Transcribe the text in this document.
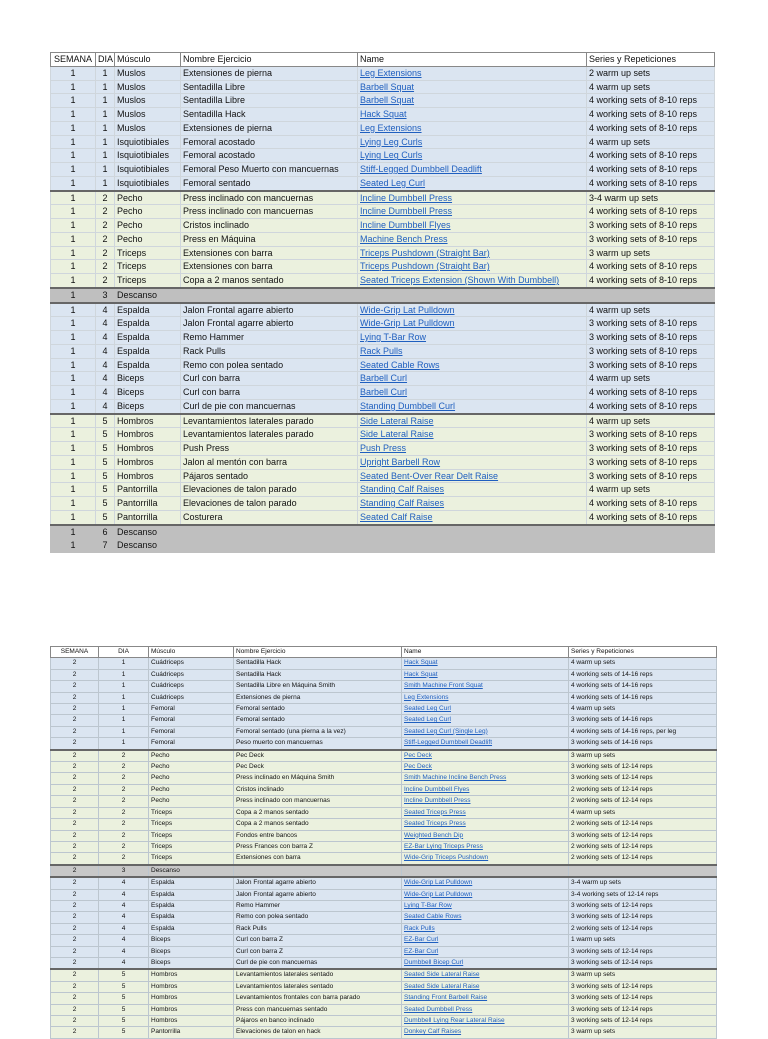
SEMANA	DIA	Músculo	Nombre Ejercicio	Name	Series y Repeticiones
1	1	Muslos	Extensiones de pierna	Leg Extensions	2 warm up sets
1	1	Muslos	Sentadilla Libre	Barbell Squat	4 warm up sets
1	1	Muslos	Sentadilla Libre	Barbell Squat	4 working sets of 8-10 reps
1	1	Muslos	Sentadilla Hack	Hack Squat	4 working sets of 8-10 reps
1	1	Muslos	Extensiones de pierna	Leg Extensions	4 working sets of 8-10 reps
1	1	Isquiotibiales	Femoral acostado	Lying Leg Curls	4 warm up sets
1	1	Isquiotibiales	Femoral acostado	Lying Leg Curls	4 working sets of 8-10 reps
1	1	Isquiotibiales	Femoral Peso Muerto con mancuernas	Stiff-Legged Dumbbell Deadlift	4 working sets of 8-10 reps
1	1	Isquiotibiales	Femoral sentado	Seated Leg Curl	4 working sets of 8-10 reps
1	2	Pecho	Press inclinado con mancuernas	Incline Dumbbell Press	3-4 warm up sets
1	2	Pecho	Press inclinado con mancuernas	Incline Dumbbell Press	4 working sets of 8-10 reps
1	2	Pecho	Cristos inclinado	Incline Dumbbell Flyes	3 working sets of 8-10 reps
1	2	Pecho	Press en Máquina	Machine Bench Press	3 working sets of 8-10 reps
1	2	Triceps	Extensiones con barra	Triceps Pushdown (Straight Bar)	3 warm up sets
1	2	Triceps	Extensiones con barra	Triceps Pushdown (Straight Bar)	4 working sets of 8-10 reps
1	2	Triceps	Copa a 2 manos sentado	Seated Triceps Extension (Shown With Dumbbell)	4 working sets of 8-10 reps
1	3	Descanso			
1	4	Espalda	Jalon Frontal agarre abierto	Wide-Grip Lat Pulldown	4 warm up sets
1	4	Espalda	Jalon Frontal agarre abierto	Wide-Grip Lat Pulldown	3 working sets of 8-10 reps
1	4	Espalda	Remo Hammer	Lying T-Bar Row	3 working sets of 8-10 reps
1	4	Espalda	Rack Pulls	Rack Pulls	3 working sets of 8-10 reps
1	4	Espalda	Remo con polea sentado	Seated Cable Rows	3 working sets of 8-10 reps
1	4	Biceps	Curl con barra	Barbell Curl	4 warm up sets
1	4	Biceps	Curl con barra	Barbell Curl	4 working sets of 8-10 reps
1	4	Biceps	Curl de pie con mancuernas	Standing Dumbbell Curl	4 working sets of 8-10 reps
1	5	Hombros	Levantamientos laterales parado	Side Lateral Raise	4 warm up sets
1	5	Hombros	Levantamientos laterales parado	Side Lateral Raise	3 working sets of 8-10 reps
1	5	Hombros	Push Press	Push Press	3 working sets of 8-10 reps
1	5	Hombros	Jalon al mentón con barra	Upright Barbell Row	3 working sets of 8-10 reps
1	5	Hombros	Pájaros sentado	Seated Bent-Over Rear Delt Raise	3 working sets of 8-10 reps
1	5	Pantorrilla	Elevaciones de talon parado	Standing Calf Raises	4 warm up sets
1	5	Pantorrilla	Elevaciones de talon parado	Standing Calf Raises	4 working sets of 8-10 reps
1	5	Pantorrilla	Costurera	Seated Calf Raise	4 working sets of 8-10 reps
1	6	Descanso			
1	7	Descanso			
SEMANA	DIA	Músculo	Nombre Ejercicio	Name	Series y Repeticiones
2	1	Cuádriceps	Sentadilla Hack	Hack Squat	4 warm up sets
2	1	Cuádriceps	Sentadilla Hack	Hack Squat	4 working sets of 14-16 reps
2	1	Cuádriceps	Sentadilla Libre en Máquina Smith	Smith Machine Front Squat	4 working sets of 14-16 reps
2	1	Cuádriceps	Extensiones de pierna	Leg Extensions	4 working sets of 14-16 reps
2	1	Femoral	Femoral sentado	Seated Leg Curl	4 warm up sets
2	1	Femoral	Femoral sentado	Seated Leg Curl	3 working sets of 14-16 reps
2	1	Femoral	Femoral sentado (una pierna a la vez)	Seated Leg Curl (Single Leg)	4 working sets of 14-16 reps, per leg
2	1	Femoral	Peso muerto con mancuernas	Stiff-Legged Dumbbell Deadlift	3 working sets of 14-16 reps
2	2	Pecho	Pec Deck	Pec Deck	3 warm up sets
2	2	Pecho	Pec Deck	Pec Deck	3 working sets of 12-14 reps
2	2	Pecho	Press inclinado en Máquina Smith	Smith Machine Incline Bench Press	3 working sets of 12-14 reps
2	2	Pecho	Cristos inclinado	Incline Dumbbell Flyes	2 working sets of 12-14 reps
2	2	Pecho	Press inclinado con mancuernas	Incline Dumbbell Press	2 working sets of 12-14 reps
2	2	Triceps	Copa a 2 manos sentado	Seated Triceps Press	4 warm up sets
2	2	Triceps	Copa a 2 manos sentado	Seated Triceps Press	2 working sets of 12-14 reps
2	2	Triceps	Fondos entre bancos	Weighted Bench Dip	3 working sets of 12-14 reps
2	2	Triceps	Press Frances con barra Z	EZ-Bar Lying Triceps Press	2 working sets of 12-14 reps
2	2	Triceps	Extensiones con barra	Wide-Grip Triceps Pushdown	2 working sets of 12-14 reps
2	3	Descanso			
2	4	Espalda	Jalon Frontal agarre abierto	Wide-Grip Lat Pulldown	3-4 warm up sets
2	4	Espalda	Jalon Frontal agarre abierto	Wide-Grip Lat Pulldown	3-4 working sets of 12-14 reps
2	4	Espalda	Remo Hammer	Lying T-Bar Row	3 working sets of 12-14 reps
2	4	Espalda	Remo con polea sentado	Seated Cable Rows	3 working sets of 12-14 reps
2	4	Espalda	Rack Pulls	Rack Pulls	2 working sets of 12-14 reps
2	4	Biceps	Curl con barra Z	EZ-Bar Curl	1 warm up sets
2	4	Biceps	Curl con barra Z	EZ-Bar Curl	3 working sets of 12-14 reps
2	4	Biceps	Curl de pie con mancuernas	Dumbbell Bicep Curl	3 working sets of 12-14 reps
2	5	Hombros	Levantamientos laterales sentado	Seated Side Lateral Raise	3 warm up sets
2	5	Hombros	Levantamientos laterales sentado	Seated Side Lateral Raise	3 working sets of 12-14 reps
2	5	Hombros	Levantamientos frontales con barra parado	Standing Front Barbell Raise	3 working sets of 12-14 reps
2	5	Hombros	Press con mancuernas sentado	Seated Dumbbell Press	3 working sets of 12-14 reps
2	5	Hombros	Pájaros en banco inclinado	Dumbbell Lying Rear Lateral Raise	3 working sets of 12-14 reps
2	5	Pantorrilla	Elevaciones de talon en hack	Donkey Calf Raises	3 warm up sets
